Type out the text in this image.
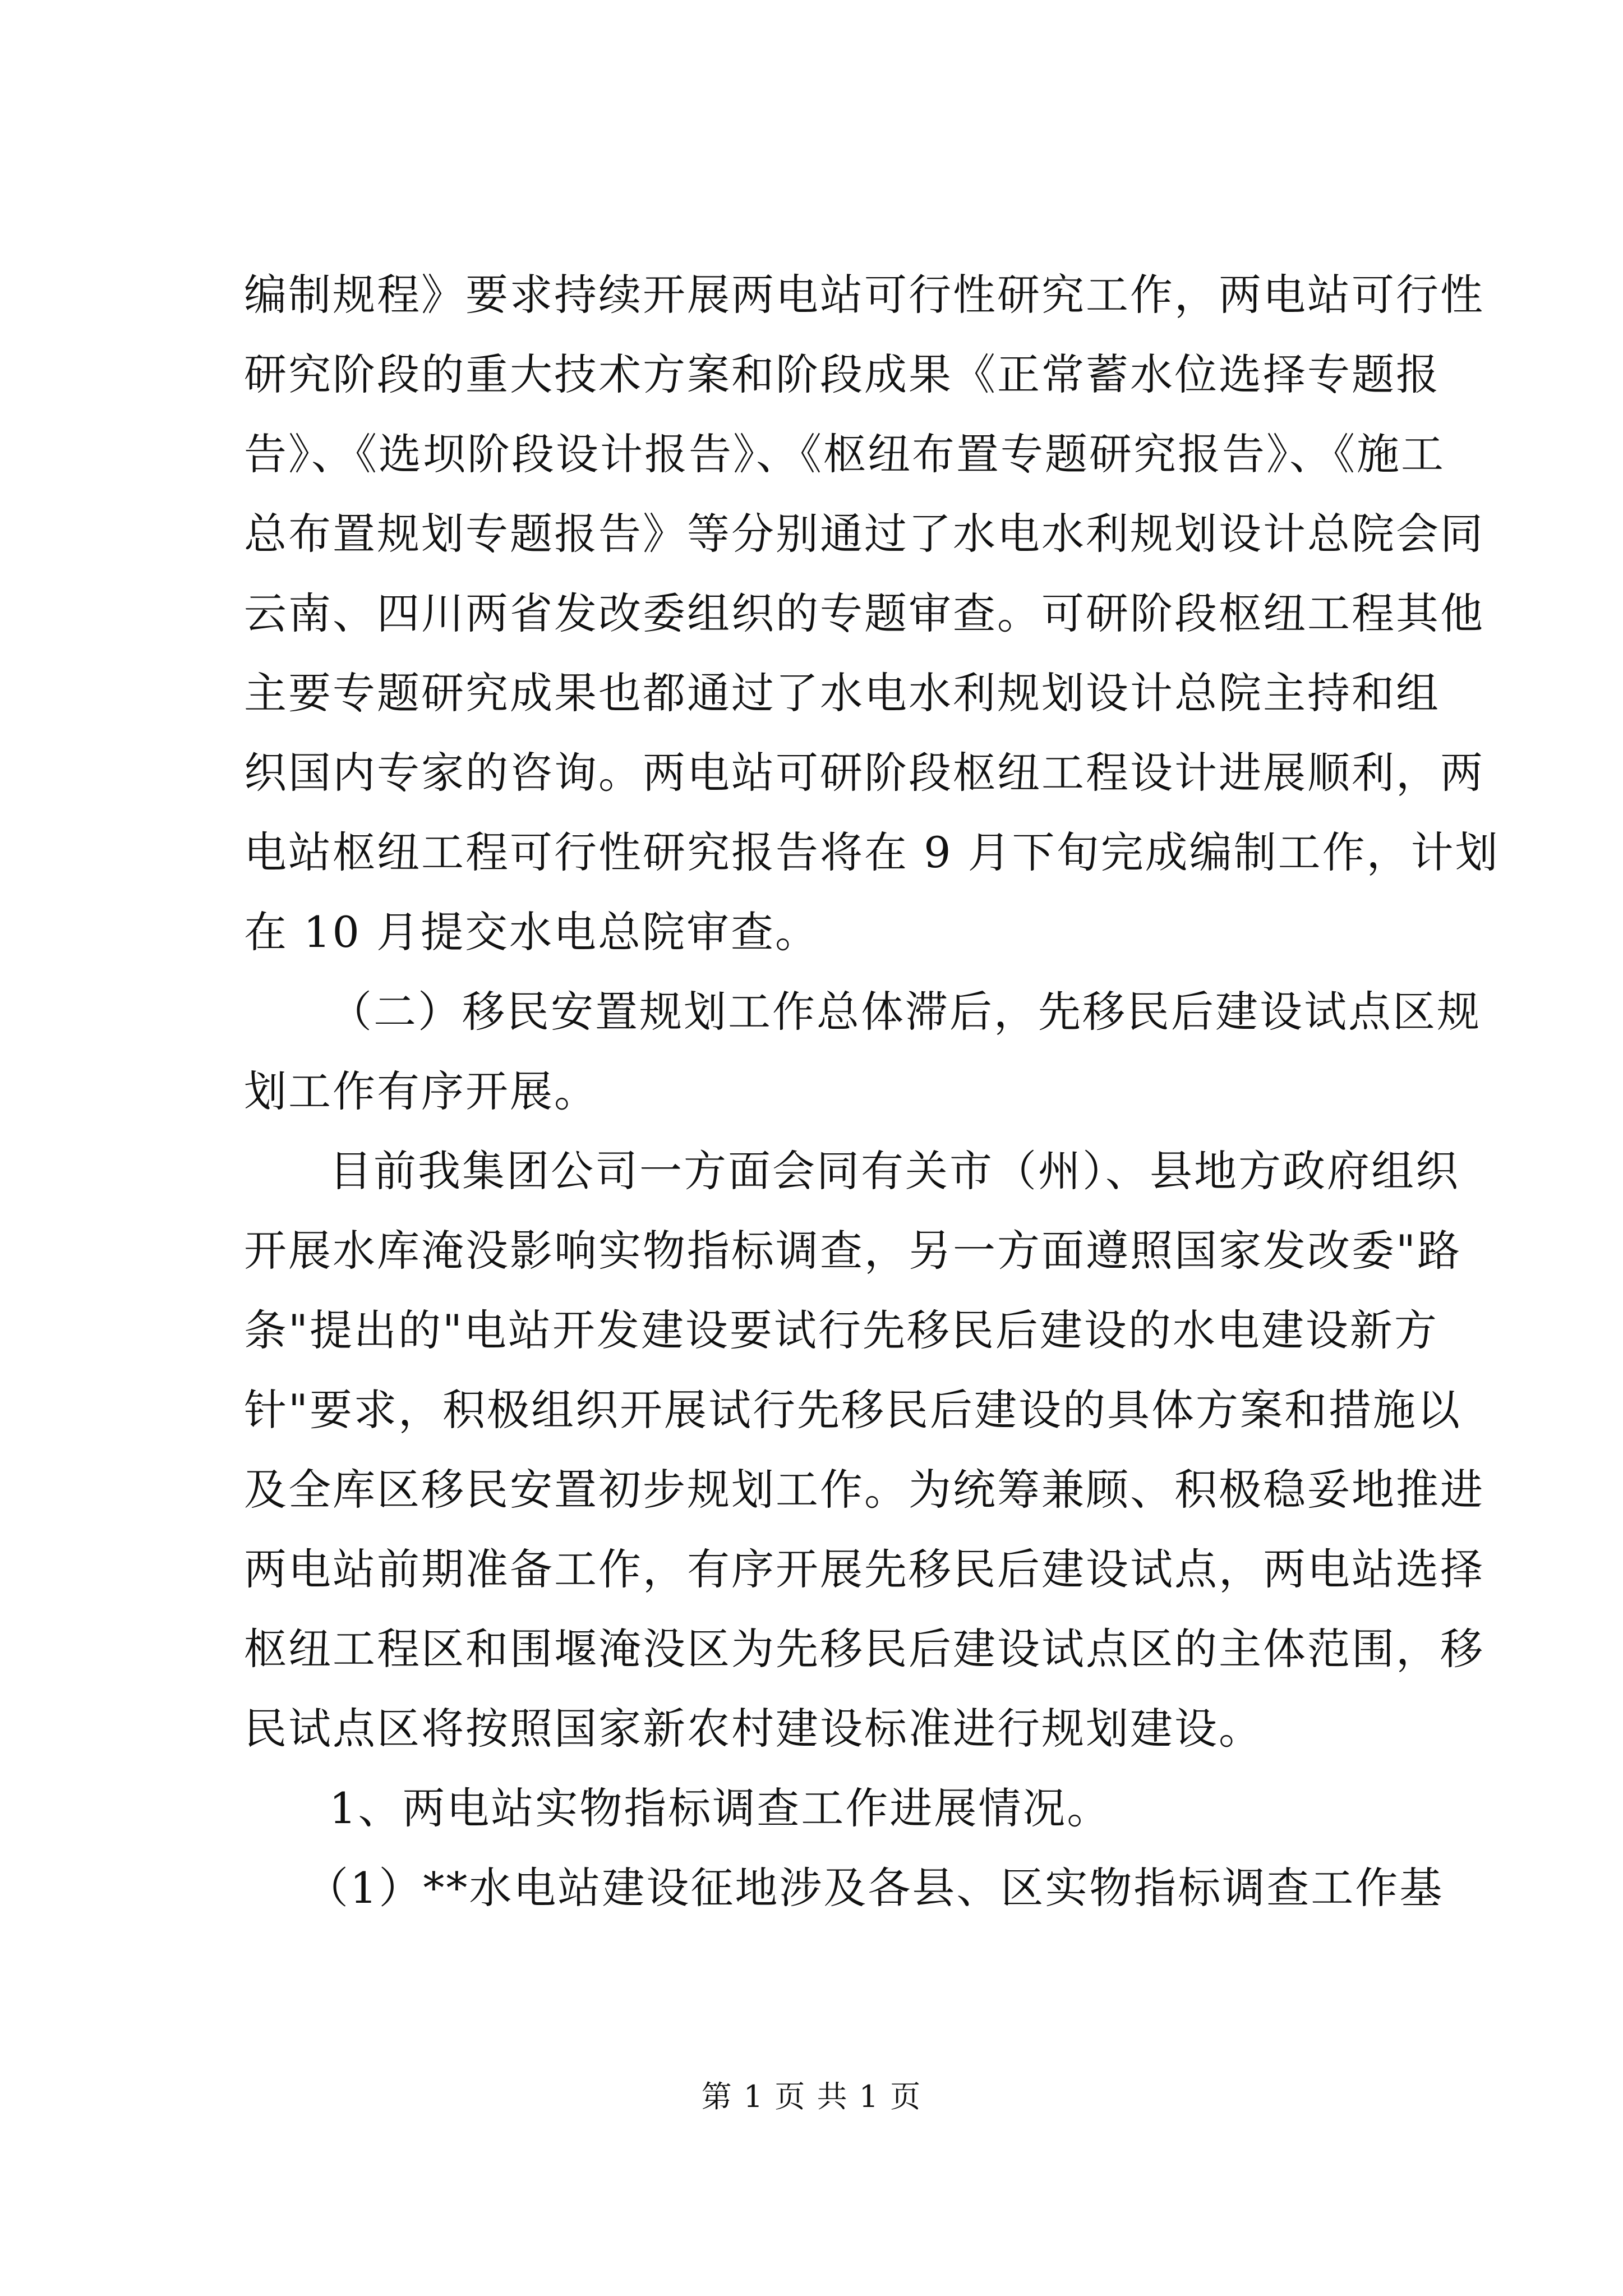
编制规程》要求持续开展两电站可行性研究工作，两电站可行性
研究阶段的重大技术方案和阶段成果《正常蓄水位选择专题报
告》、《选坝阶段设计报告》、《枢纽布置专题研究报告》、《施工
总布置规划专题报告》等分别通过了水电水利规划设计总院会同
云南、四川两省发改委组织的专题审查。可研阶段枢纽工程其他
主要专题研究成果也都通过了水电水利规划设计总院主持和组
织国内专家的咨询。两电站可研阶段枢纽工程设计进展顺利，两
电站枢纽工程可行性研究报告将在 9 月下旬完成编制工作，计划
在 10 月提交水电总院审查。
（二）移民安置规划工作总体滞后，先移民后建设试点区规
划工作有序开展。
目前我集团公司一方面会同有关市（州）、县地方政府组织
开展水库淹没影响实物指标调查，另一方面遵照国家发改委"路
条"提出的"电站开发建设要试行先移民后建设的水电建设新方
针"要求，积极组织开展试行先移民后建设的具体方案和措施以
及全库区移民安置初步规划工作。为统筹兼顾、积极稳妥地推进
两电站前期准备工作，有序开展先移民后建设试点，两电站选择
枢纽工程区和围堰淹没区为先移民后建设试点区的主体范围，移
民试点区将按照国家新农村建设标准进行规划建设。
1、两电站实物指标调查工作进展情况。
（1）**水电站建设征地涉及各县、区实物指标调查工作基
第 1 页 共 1 页
